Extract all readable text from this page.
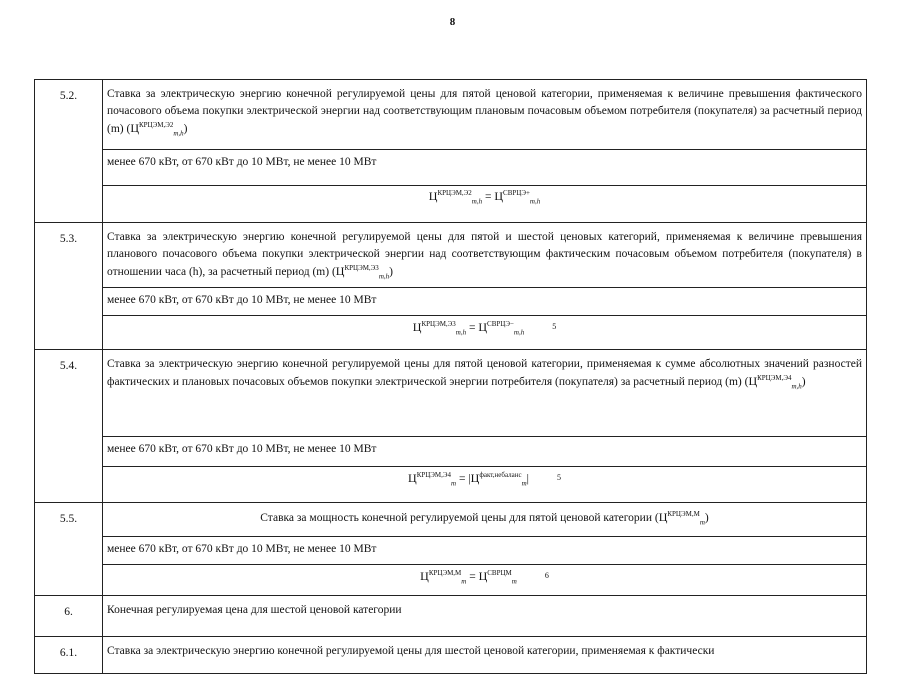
8
5.2.	Ставка за электрическую энергию конечной регулируемой цены для пятой ценовой категории, применяемая к величине превышения фактического почасового объема покупки электрической энергии над соответствующим плановым почасовым объемом потребителя (покупателя) за расчетный период (m) $(Ц^{КРЦЭМ,Э2}_{m,h})$
	менее 670 кВт, от 670 кВт до 10 МВт, не менее 10 МВт
	$Ц^{КРЦЭМ,Э2}_{m,h} = Ц^{СВРЦЭ+}_{m,h}$
5.3.	Ставка за электрическую энергию конечной регулируемой цены для пятой и шестой ценовых категорий, применяемая к величине превышения планового почасового объема покупки электрической энергии над соответствующим фактическим почасовым объемом потребителя (покупателя) в отношении часа (h), за расчетный период (m) $(Ц^{КРЦЭМ,Э3}_{m,h})$
	менее 670 кВт, от 670 кВт до 10 МВт, не менее 10 МВт
	$Ц^{КРЦЭМ,Э3}_{m,h} = Ц^{СВРЦЭ-}_{m,h}5$
5.4.	Ставка за электрическую энергию конечной регулируемой цены для пятой ценовой категории, применяемая к сумме абсолютных значений разностей фактических и плановых почасовых объемов покупки электрической энергии потребителя (покупателя) за расчетный период (m) $(Ц^{КРЦЭМ,Э4}_{m,h})$
	менее 670 кВт, от 670 кВт до 10 МВт, не менее 10 МВт
	$Ц^{КРЦЭМ,Э4}_m = |Ц^{факт,небаланс}_m|$ 5
5.5.	Ставка за мощность конечной регулируемой цены для пятой ценовой категории $(Ц^{КРЦЭМ,М}_m)$
	менее 670 кВт, от 670 кВт до 10 МВт, не менее 10 МВт
	$Ц^{КРЦЭМ,М}_m = Ц^{СВРЦМ}_m6$
6.	Конечная регулируемая цена для шестой ценовой категории
6.1.	Ставка за электрическую энергию конечной регулируемой цены для шестой ценовой категории, применяемая к фактически
